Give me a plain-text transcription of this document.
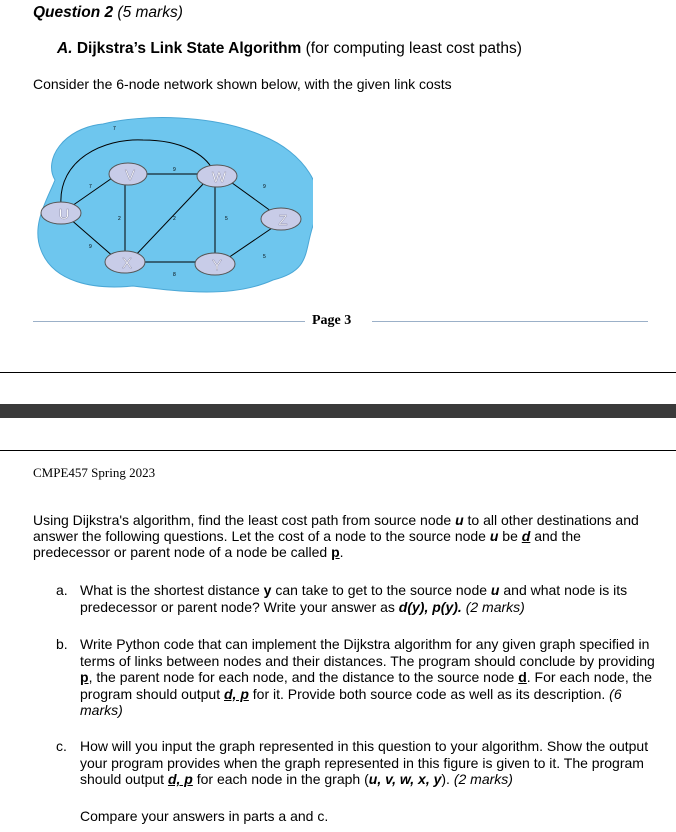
Question 2 (5 marks)
A. Dijkstra’s Link State Algorithm (for computing least cost paths)
Consider the 6-node network shown below, with the given link costs
7
7
9
9
2	2	5
9
8
5
U
V	W
X	Y
Z
Page 3
CMPE457 Spring 2023
Using Dijkstra's algorithm, find the least cost path from source node u to all other destinations and answer the following questions. Let the cost of a node to the source node u be d and the predecessor or parent node of a node be called p.
a. What is the shortest distance y can take to get to the source node u and what node is its predecessor or parent node? Write your answer as d(y), p(y). (2 marks)
b. Write Python code that can implement the Dijkstra algorithm for any given graph specified in terms of links between nodes and their distances. The program should conclude by providing p, the parent node for each node, and the distance to the source node d. For each node, the program should output d, p for it. Provide both source code as well as its description. (6 marks)
c. How will you input the graph represented in this question to your algorithm. Show the output your program provides when the graph represented in this figure is given to it. The program should output d, p for each node in the graph (u, v, w, x, y). (2 marks)
Compare your answers in parts a and c.
